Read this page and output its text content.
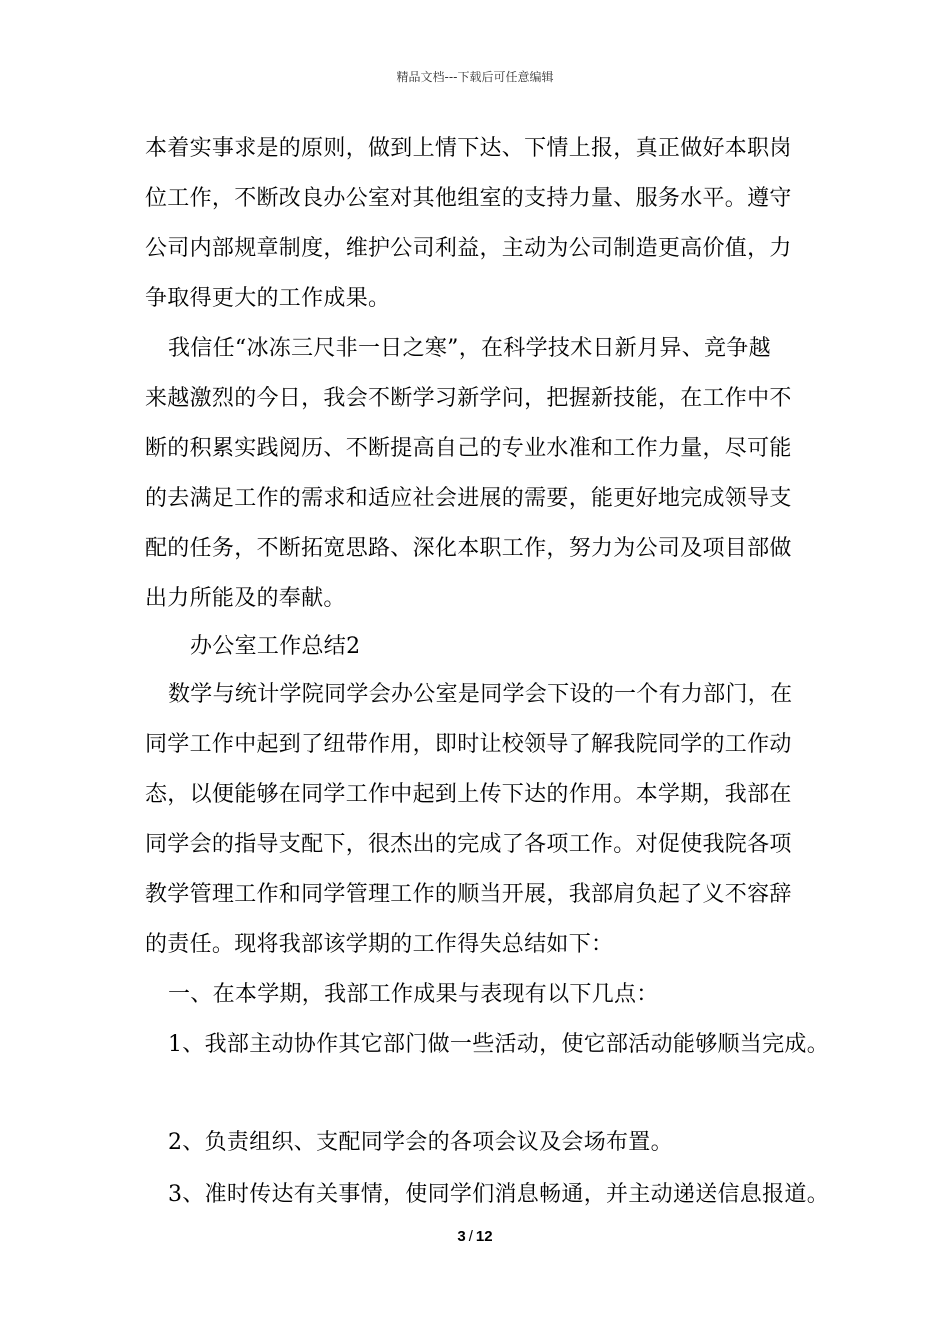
精品文档---下载后可任意编辑
本着实事求是的原则，做到上情下达、下情上报，真正做好本职岗
位工作，不断改良办公室对其他组室的支持力量、服务水平。遵守
公司内部规章制度，维护公司利益，主动为公司制造更高价值，力
争取得更大的工作成果。
我信任“冰冻三尺非一日之寒”，在科学技术日新月异、竞争越
来越激烈的今日，我会不断学习新学问，把握新技能，在工作中不
断的积累实践阅历、不断提高自己的专业水准和工作力量，尽可能
的去满足工作的需求和适应社会进展的需要，能更好地完成领导支
配的任务，不断拓宽思路、深化本职工作，努力为公司及项目部做
出力所能及的奉献。
办公室工作总结2
数学与统计学院同学会办公室是同学会下设的一个有力部门，在
同学工作中起到了纽带作用，即时让校领导了解我院同学的工作动
态，以便能够在同学工作中起到上传下达的作用。本学期，我部在
同学会的指导支配下，很杰出的完成了各项工作。对促使我院各项
教学管理工作和同学管理工作的顺当开展，我部肩负起了义不容辞
的责任。现将我部该学期的工作得失总结如下：
一、在本学期，我部工作成果与表现有以下几点：
1、我部主动协作其它部门做一些活动，使它部活动能够顺当完成。
2、负责组织、支配同学会的各项会议及会场布置。
3、准时传达有关事情，使同学们消息畅通，并主动递送信息报道。
3 / 12
